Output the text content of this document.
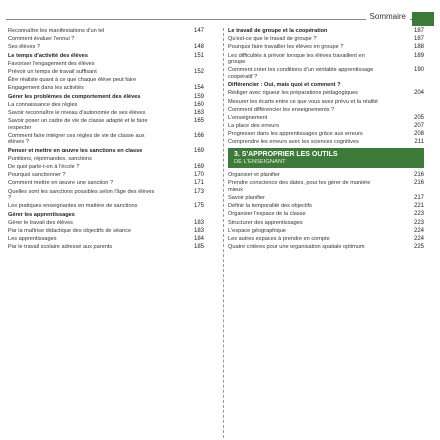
Sommaire
Reconnaître les manifestations d'un tel	147
Comment évaluer l'ennui ?
Ses élèves ?	148
Le temps d'activité des élèves	151
Favoriser l'engagement des élèves
Prévoir un temps de travail suffisant	152
Être réaliste quant à ce que chaque élève peut faire
Engagement dans les activités	154
Gérer les problèmes de comportement des élèves	159
La connaissance des règles	160
Savoir reconnaître le niveau d'autonomie de ses élèves	163
Savoir poser un cadre de vie de classe adapté et le faire respecter
165
Comment faire intégrer ces règles de vie de classe aux élèves ?
166
Penser et mettre en œuvre les sanctions en classe	169
Punitions, réprimandes, sanctions
De quoi parle-t-on à l'école ?	169
Pourquoi sanctionner ?	170
Comment mettre en œuvre une sanction ?	171
Quelles sont les sanctions possibles selon l'âge des élèves ?
173
Les pratiques enseignantes en matière de sanctions	175
Gérer les apprentissages
Gérer le travail des élèves	183
Par la maîtrise didactique des objectifs de séance	183
Les apprentissages	184
Par le travail scolaire adressé aux parents	185
Le travail de groupe et la coopération	187
Qu'est-ce que le travail de groupe ?	187
Pourquoi faire travailler les élèves en groupe ?	188
Les difficultés à prévoir lorsque les élèves travaillent en groupe
189
Comment créer les conditions d'un véritable apprentissage coopératif ?
190
Différencier : Oui, mais quoi et comment ?
Rédiger avec rigueur les préparations pédagogiques	204
Mesurer les écarts entre ce que vous avez prévu et la réalité
Comment différencier les enseignements ?
L'enseignement	205
La place des erreurs	207
Progresser dans les apprentissages grâce aux erreurs	208
Comprendre les erreurs avec les sciences cognitives	211
3. S'APPROPRIER LES OUTILS
DE L'ENSEIGNANT
Organiser et planifier	216
Prendre conscience des dates, pour les gérer de manière mieux
216
Savoir planifier	217
Définir la temporalité des objectifs	221
Organiser l'espace de la classe	223
Structurer des apprentissages	223
L'espace géographique	224
Les autres espaces à prendre en compte	224
Quatre critères pour une organisation spatiale optimum	225
